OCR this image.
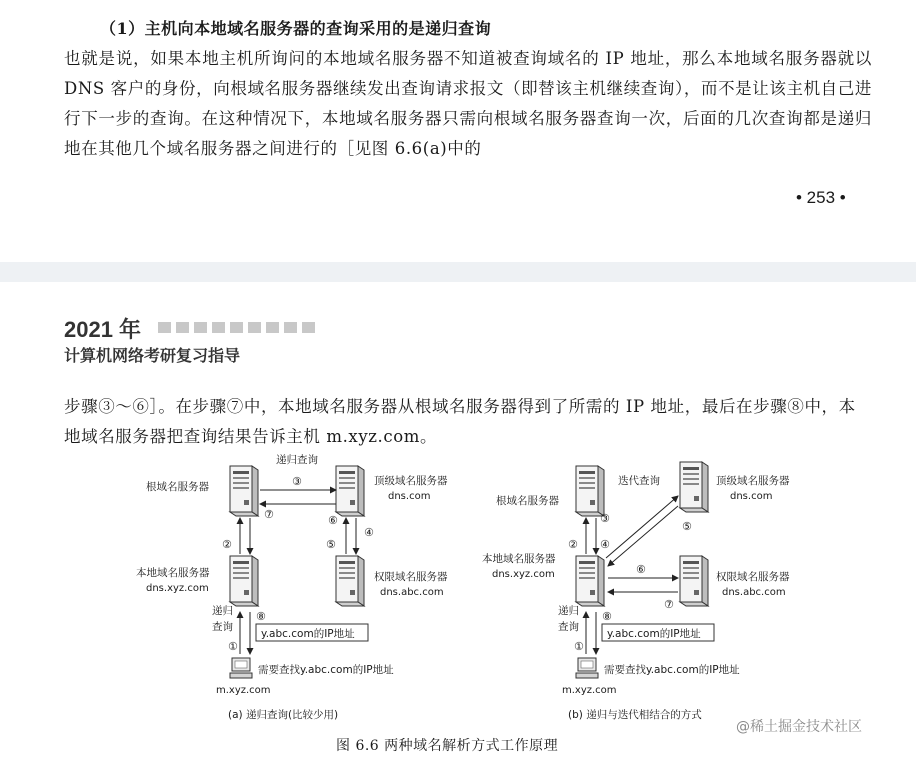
（1）主机向本地域名服务器的查询采用的是递归查询
也就是说，如果本地主机所询问的本地域名服务器不知道被查询域名的 IP 地址，那么本地域名服务器就以 DNS 客户的身份，向根域名服务器继续发出查询请求报文（即替该主机继续查询），而不是让该主机自己进行下一步的查询。在这种情况下，本地域名服务器只需向根域名服务器查询一次，后面的几次查询都是递归地在其他几个域名服务器之间进行的［见图 6.6(a)中的
• 253 •
2021 年
计算机网络考研复习指导
步骤③～⑥］。在步骤⑦中，本地域名服务器从根域名服务器得到了所需的 IP 地址，最后在步骤⑧中，本地域名服务器把查询结果告诉主机 m.xyz.com。
递归查询
根域名服务器	顶级域名服务器
dns.com
本地域名服务器
dns.xyz.com
权限域名服务器
dns.abc.com
需要查找y.abc.com的IP地址
m.xyz.com
③
⑦
②
④
⑤
⑥
递归
查询
①
⑧
y.abc.com的IP地址
(a) 递归查询(比较少用)
根域名服务器
迭代查询	顶级域名服务器
dns.com
本地域名服务器
dns.xyz.com	权限域名服务器
dns.abc.com
需要查找y.abc.com的IP地址
m.xyz.com
②
③
④
⑤
⑥
⑦
递归
查询
①
⑧
y.abc.com的IP地址
(b) 递归与迭代相结合的方式
图 6.6 两种域名解析方式工作原理
@稀土掘金技术社区
